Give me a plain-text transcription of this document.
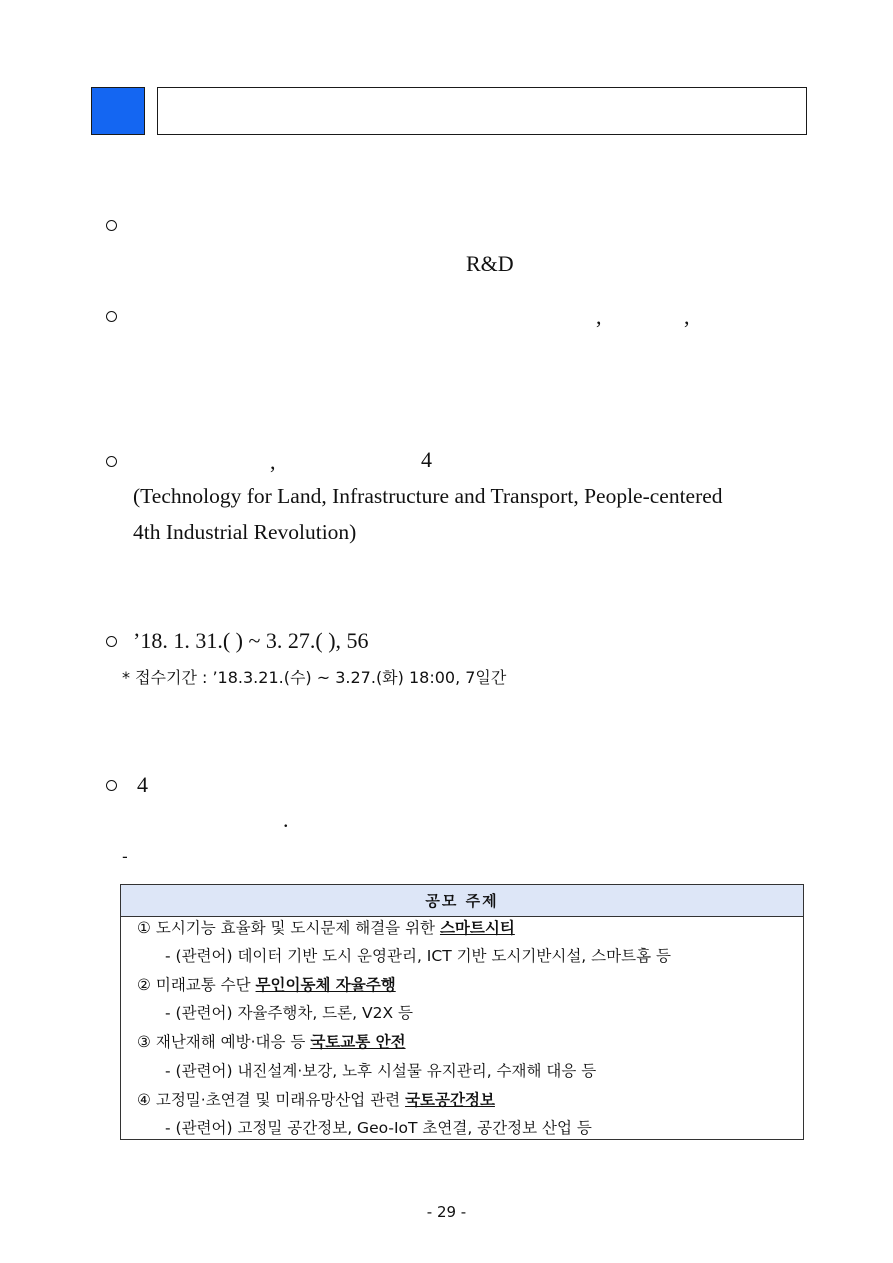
R&D
,	,
,	4
(Technology for Land, Infrastructure and Transport, People-centered
4th Industrial Revolution)
’18. 1. 31.( ) ~ 3. 27.( ), 56
* 접수기간 : ’18.3.21.(수) ~ 3.27.(화) 18:00, 7일간
4
.
-
공모 주제
① 도시기능 효율화 및 도시문제 해결을 위한 스마트시티
- (관련어) 데이터 기반 도시 운영관리, ICT 기반 도시기반시설, 스마트홈 등
② 미래교통 수단 무인이동체 자율주행
- (관련어) 자율주행차, 드론, V2X 등
③ 재난재해 예방·대응 등 국토교통 안전
- (관련어) 내진설계·보강, 노후 시설물 유지관리, 수재해 대응 등
④ 고정밀·초연결 및 미래유망산업 관련 국토공간정보
- (관련어) 고정밀 공간정보, Geo-IoT 초연결, 공간정보 산업 등
- 29 -
